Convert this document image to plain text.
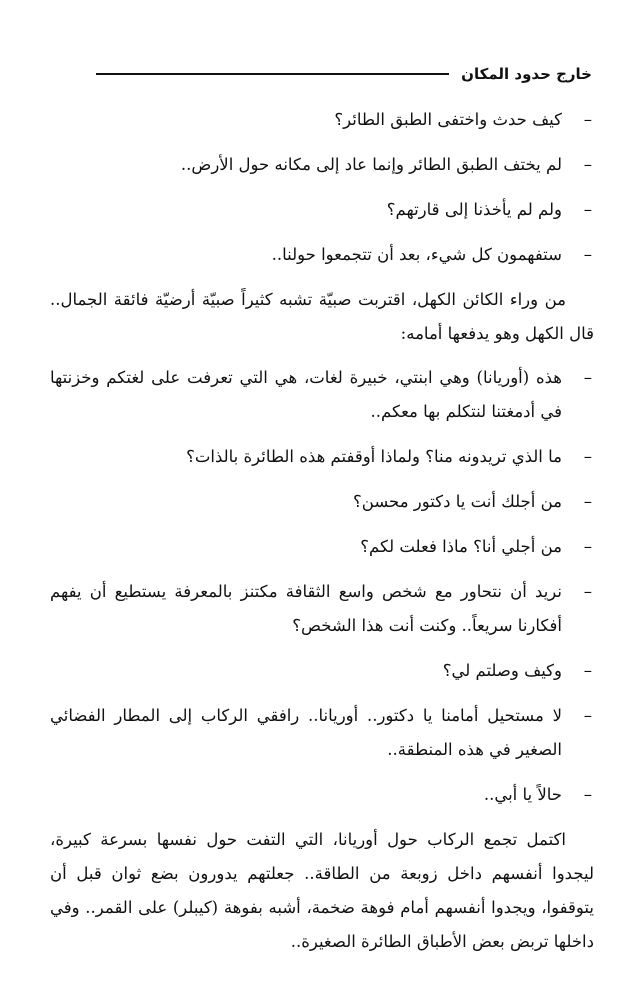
خارج حدود المكان
–
كيف حدث واختفى الطبق الطائر؟
–
لم يختف الطبق الطائر وإنما عاد إلى مكانه حول الأرض..
–
ولم لم يأخذنا إلى قارتهم؟
–
ستفهمون كل شيء، بعد أن تتجمعوا حولنا..
من وراء الكائن الكهل، اقتربت صبيّة تشبه كثيراً صبيّة أرضيّة فائقة الجمال.. قال الكهل وهو يدفعها أمامه:
–
هذه (أوريانا) وهي ابنتي، خبيرة لغات، هي التي تعرفت على لغتكم وخزنتها في أدمغتنا لنتكلم بها معكم..
–
ما الذي تريدونه منا؟ ولماذا أوقفتم هذه الطائرة بالذات؟
–
من أجلك أنت يا دكتور محسن؟
–
من أجلي أنا؟ ماذا فعلت لكم؟
–
نريد أن نتحاور مع شخص واسع الثقافة مكتنز بالمعرفة يستطيع أن يفهم أفكارنا سريعاً.. وكنت أنت هذا الشخص؟
–
وكيف وصلتم لي؟
–
لا مستحيل أمامنا يا دكتور.. أوريانا.. رافقي الركاب إلى المطار الفضائي الصغير في هذه المنطقة..
–
حالاً يا أبي..
اكتمل تجمع الركاب حول أوريانا، التي التفت حول نفسها بسرعة كبيرة، ليجدوا أنفسهم داخل زوبعة من الطاقة.. جعلتهم يدورون بضع ثوان قبل أن يتوقفوا، ويجدوا أنفسهم أمام فوهة ضخمة، أشبه بفوهة (كيبلر) على القمر.. وفي داخلها تربض بعض الأطباق الطائرة الصغيرة..
